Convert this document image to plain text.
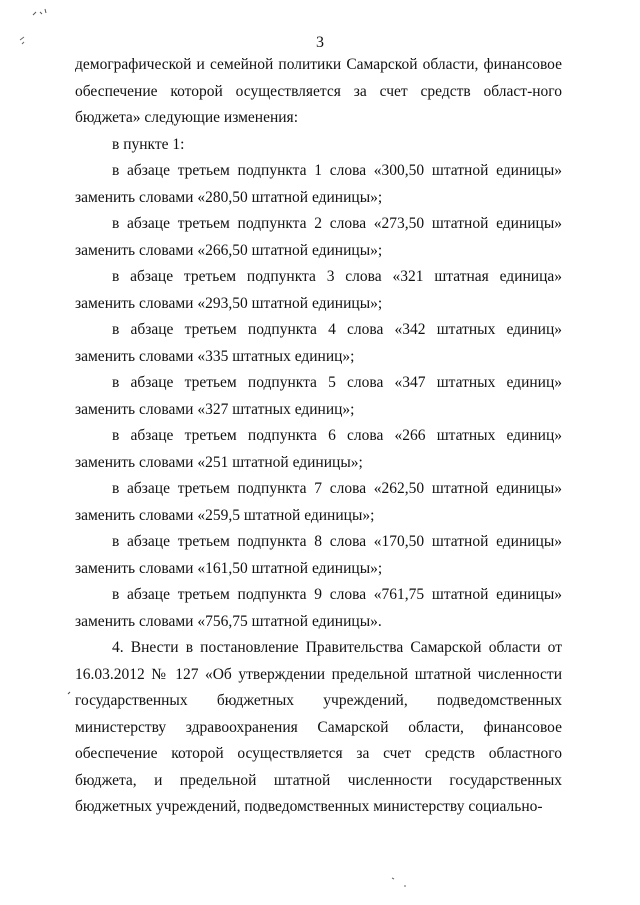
3

демографической и семейной политики Самарской области, финансовое обеспечение которой осуществляется за счет средств област-ного бюджета» следующие изменения:

в пункте 1:

в абзаце третьем подпункта 1 слова «300,50 штатной единицы» заменить словами «280,50 штатной единицы»;

в абзаце третьем подпункта 2 слова «273,50 штатной единицы» заменить словами «266,50 штатной единицы»;

в абзаце третьем подпункта 3 слова «321 штатная единица» заменить словами «293,50 штатной единицы»;

в абзаце третьем подпункта 4 слова «342 штатных единиц» заменить словами «335 штатных единиц»;

в абзаце третьем подпункта 5 слова «347 штатных единиц» заменить словами «327 штатных единиц»;

в абзаце третьем подпункта 6 слова «266 штатных единиц» заменить словами «251 штатной единицы»;

в абзаце третьем подпункта 7 слова «262,50 штатной единицы» заменить словами «259,5 штатной единицы»;

в абзаце третьем подпункта 8 слова «170,50 штатной единицы» заменить словами «161,50 штатной единицы»;

в абзаце третьем подпункта 9 слова «761,75 штатной единицы» заменить словами «756,75 штатной единицы».

4. Внести в постановление Правительства Самарской области от 16.03.2012 № 127 «Об утверждении предельной штатной численности государственных бюджетных учреждений, подведомственных министерству здравоохранения Самарской области, финансовое обеспечение которой осуществляется за счет средств областного бюджета, и предельной штатной численности государственных бюджетных учреждений, подведомственных министерству социально-
